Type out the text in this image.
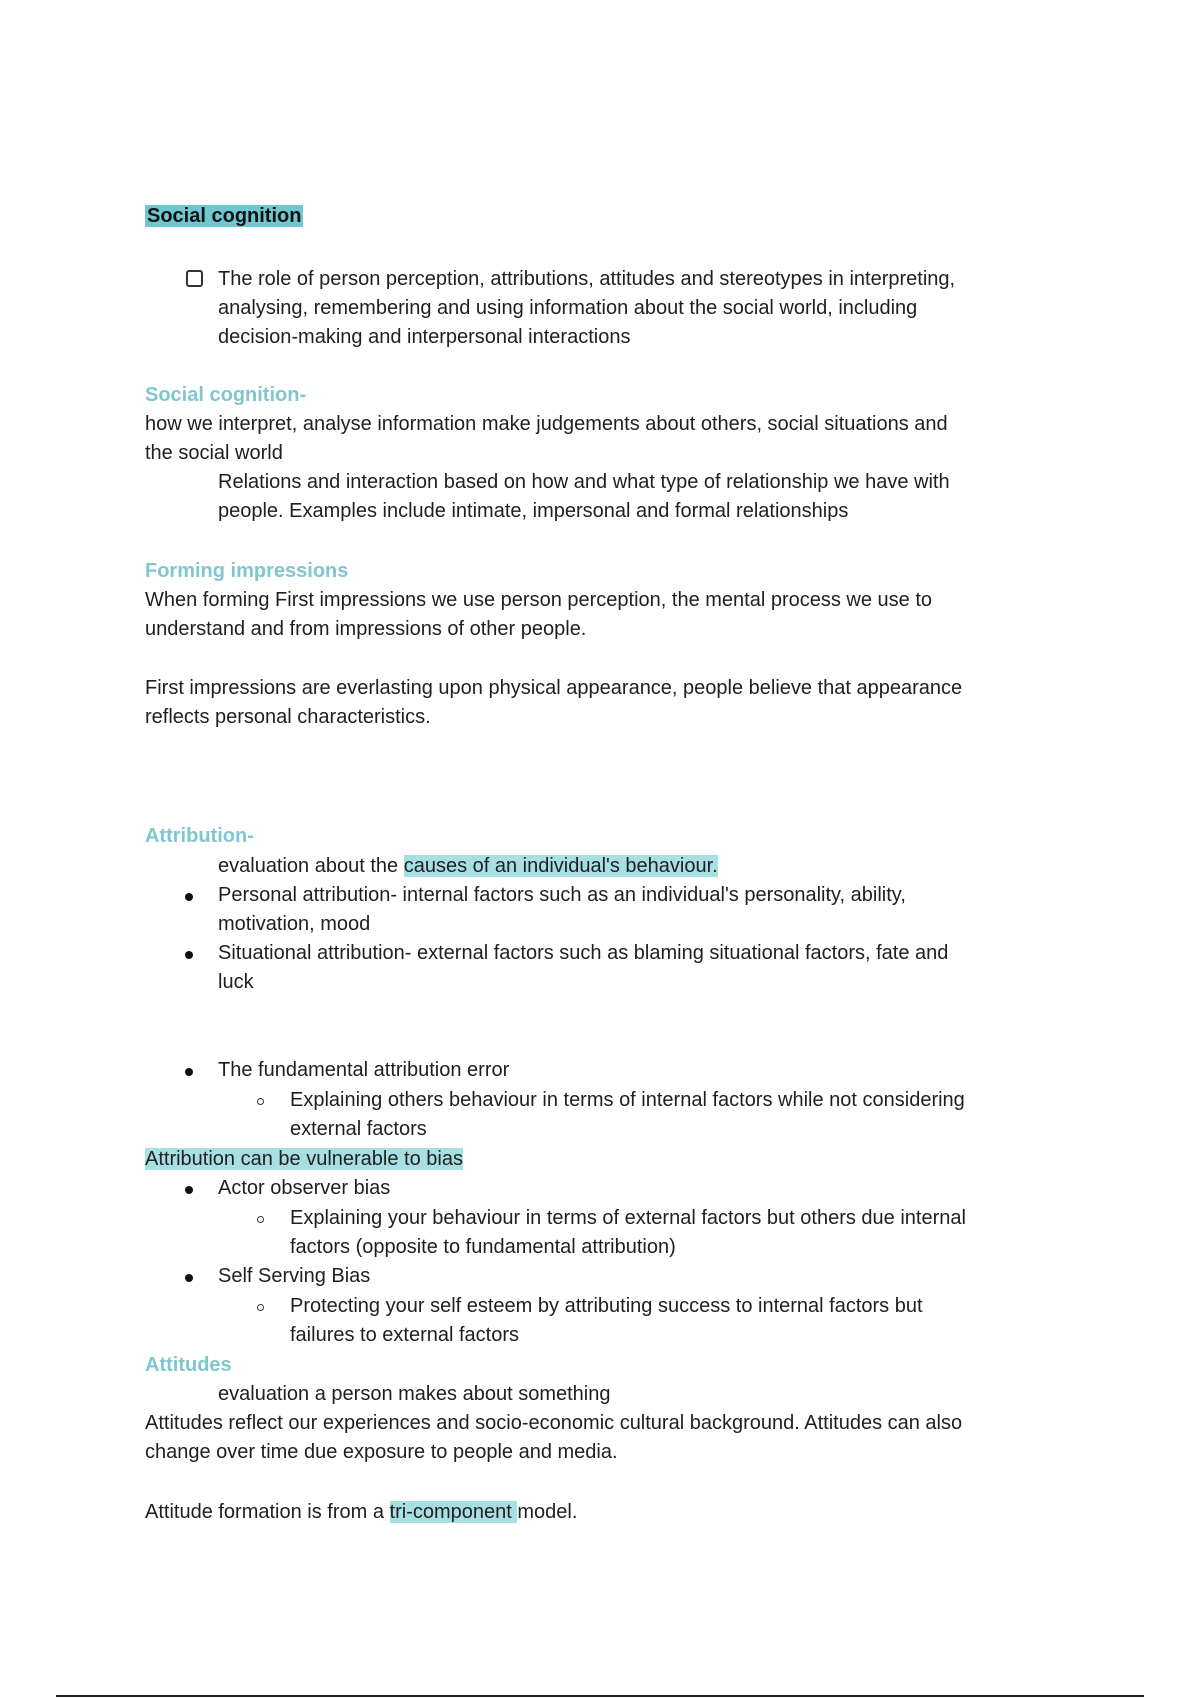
Social cognition
The role of person perception, attributions, attitudes and stereotypes in interpreting,
analysing, remembering and using information about the social world, including
decision-making and interpersonal interactions
Social cognition-
how we interpret, analyse information make judgements about others, social situations and
the social world
Relations and interaction based on how and what type of relationship we have with
people. Examples include intimate, impersonal and formal relationships
Forming impressions
When forming First impressions we use person perception, the mental process we use to
understand and from impressions of other people.
First impressions are everlasting upon physical appearance, people believe that appearance
reflects personal characteristics.
Attribution-
evaluation about the causes of an individual's behaviour.
Personal attribution- internal factors such as an individual's personality, ability,
motivation, mood
Situational attribution- external factors such as blaming situational factors, fate and
luck
The fundamental attribution error
Explaining others behaviour in terms of internal factors while not considering
external factors
Attribution can be vulnerable to bias
Actor observer bias
Explaining your behaviour in terms of external factors but others due internal
factors (opposite to fundamental attribution)
Self Serving Bias
Protecting your self esteem by attributing success to internal factors but
failures to external factors
Attitudes
evaluation a person makes about something
Attitudes reflect our experiences and socio-economic cultural background. Attitudes can also
change over time due exposure to people and media.
Attitude formation is from a tri-component model.
